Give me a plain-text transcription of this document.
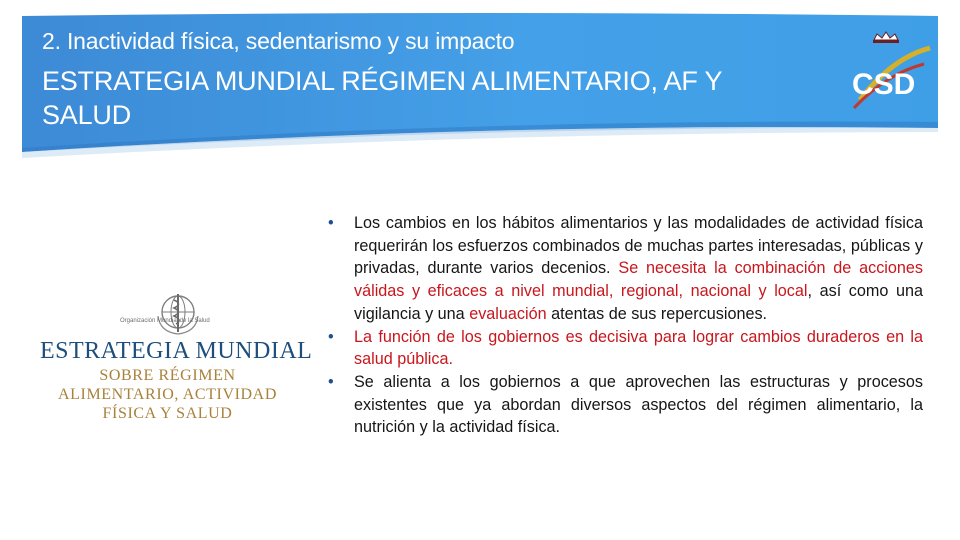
2. Inactividad física, sedentarismo y su impacto
ESTRATEGIA MUNDIAL RÉGIMEN ALIMENTARIO, AF Y SALUD
CSD
Organización Mundial de la Salud
ESTRATEGIA MUNDIAL
SOBRE RÉGIMEN
ALIMENTARIO, ACTIVIDAD
FÍSICA Y SALUD
• Los cambios en los hábitos alimentarios y las modalidades de actividad física requerirán los esfuerzos combinados de muchas partes interesadas, públicas y privadas, durante varios decenios. Se necesita la combinación de acciones válidas y eficaces a nivel mundial, regional, nacional y local, así como una vigilancia y una evaluación atentas de sus repercusiones.
• La función de los gobiernos es decisiva para lograr cambios duraderos en la salud pública.
• Se alienta a los gobiernos a que aprovechen las estructuras y procesos existentes que ya abordan diversos aspectos del régimen alimentario, la nutrición y la actividad física.
